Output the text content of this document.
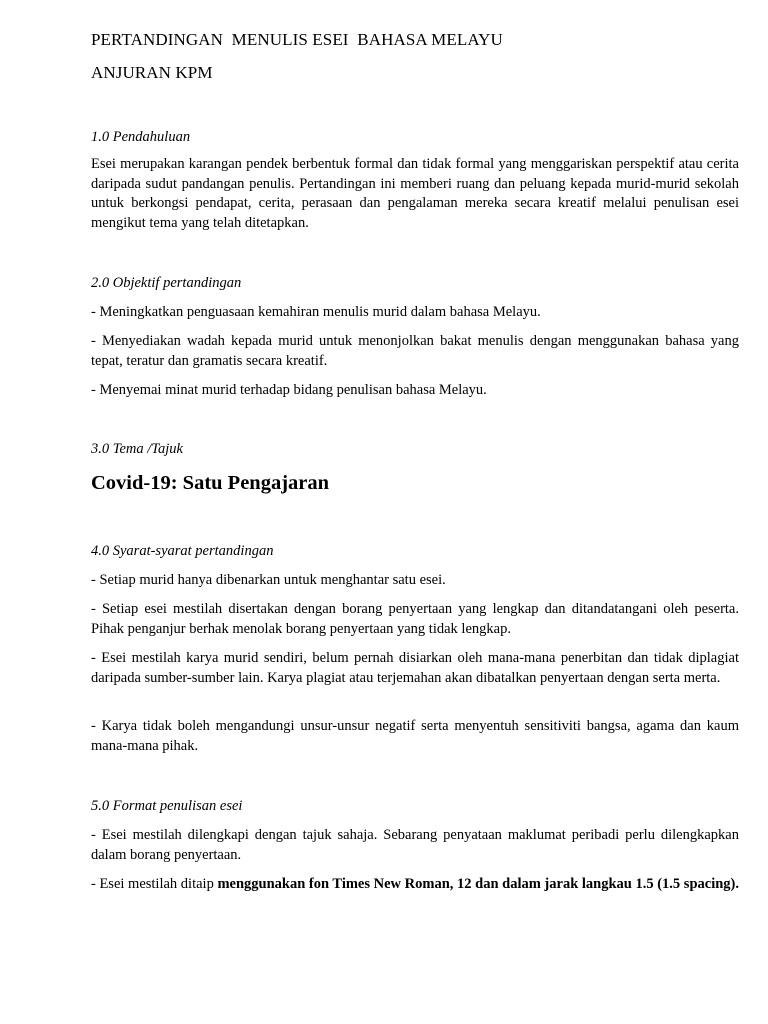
PERTANDINGAN  MENULIS ESEI  BAHASA MELAYU
ANJURAN KPM
1.0 Pendahuluan
Esei merupakan karangan pendek berbentuk formal dan tidak formal yang menggariskan perspektif atau cerita daripada sudut pandangan penulis. Pertandingan ini memberi ruang dan peluang kepada murid-murid sekolah untuk berkongsi pendapat, cerita, perasaan dan pengalaman mereka secara kreatif melalui penulisan esei mengikut tema yang telah ditetapkan.
2.0 Objektif pertandingan
- Meningkatkan penguasaan kemahiran menulis murid dalam bahasa Melayu.
- Menyediakan wadah kepada murid untuk menonjolkan bakat menulis dengan menggunakan bahasa yang tepat, teratur dan gramatis secara kreatif.
- Menyemai minat murid terhadap bidang penulisan bahasa Melayu.
3.0 Tema /Tajuk
Covid-19: Satu Pengajaran
4.0 Syarat-syarat pertandingan
- Setiap murid hanya dibenarkan untuk menghantar satu esei.
- Setiap esei mestilah disertakan dengan borang penyertaan yang lengkap dan ditandatangani oleh peserta. Pihak penganjur berhak menolak borang penyertaan yang tidak lengkap.
- Esei mestilah karya murid sendiri, belum pernah disiarkan oleh mana-mana penerbitan dan tidak diplagiat daripada sumber-sumber lain. Karya plagiat atau terjemahan akan dibatalkan penyertaan dengan serta merta.
- Karya tidak boleh mengandungi unsur-unsur negatif serta menyentuh sensitiviti bangsa, agama dan kaum mana-mana pihak.
5.0 Format penulisan esei
- Esei mestilah dilengkapi dengan tajuk sahaja. Sebarang penyataan maklumat peribadi perlu dilengkapkan dalam borang penyertaan.
- Esei mestilah ditaip menggunakan fon Times New Roman, 12 dan dalam jarak langkau 1.5 (1.5 spacing).
